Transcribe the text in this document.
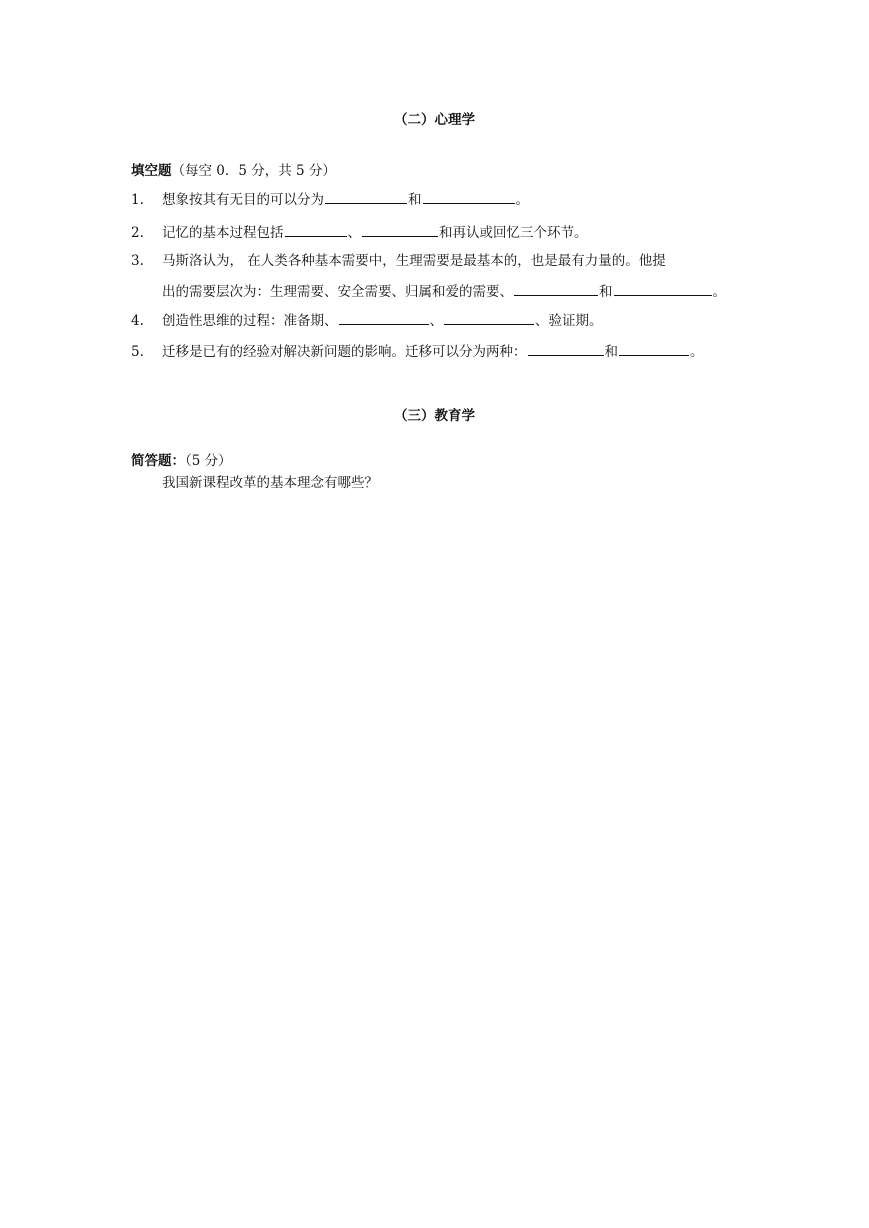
（二）心理学
填空题（每空 0．5 分，共 5 分）
1. 想象按其有无目的可以分为	和	。
2. 记忆的基本过程包括	、	和再认或回忆三个环节。
3. 马斯洛认为， 在人类各种基本需要中，生理需要是最基本的，也是最有力量的。他提
出的需要层次为：生理需要、安全需要、归属和爱的需要、	和	。
4. 创造性思维的过程：准备期、	、	、验证期。
5. 迁移是已有的经验对解决新问题的影响。迁移可以分为两种：	和	。
（三）教育学
简答题：（5 分）
我国新课程改革的基本理念有哪些？
